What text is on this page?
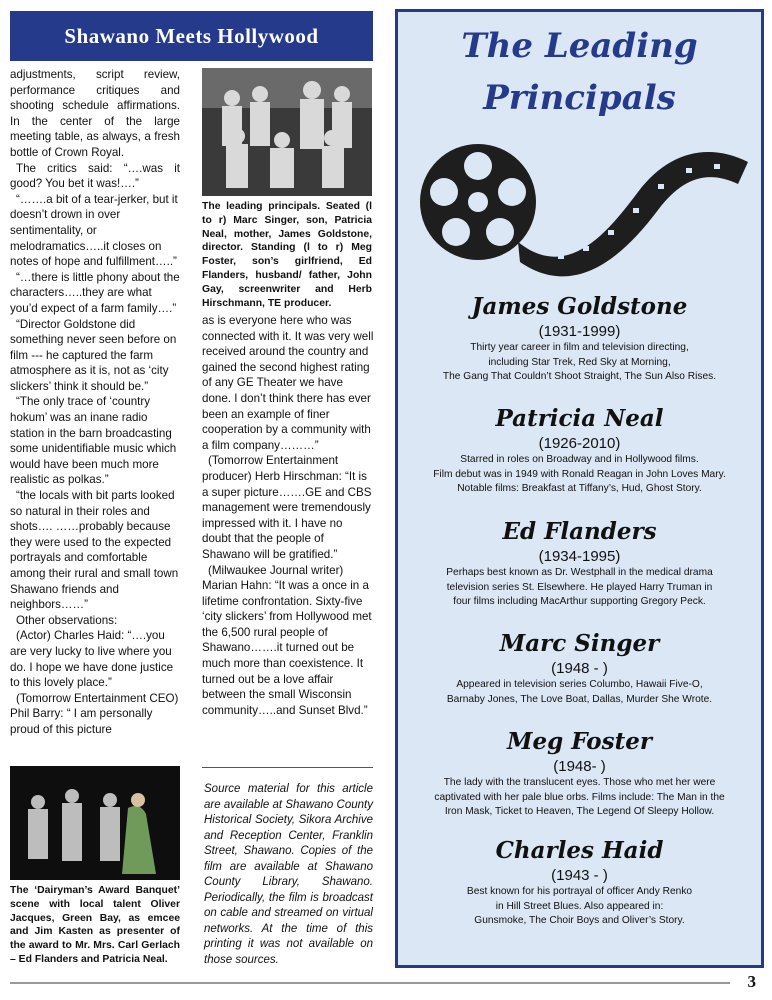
Shawano Meets Hollywood

adjustments, script review, performance critiques and shooting schedule affirmations. In the center of the large meeting table, as always, a fresh bottle of Crown Royal.

The critics said: “….was it good? You bet it was!….”

“…….a bit of a tear-jerker, but it doesn’t drown in over sentimentality, or melodramatics…..it closes on notes of hope and fulfillment…..”

“…there is little phony about the characters…..they are what you’d expect of a farm family….”

“Director Goldstone did something never seen before on film --- he captured the farm atmosphere as it is, not as ‘city slickers’ think it should be.”

“The only trace of ‘country hokum’ was an inane radio station in the barn broadcasting some unidentifiable music which would have been much more realistic as polkas.”

“the locals with bit parts looked so natural in their roles and shots…. ……probably because they were used to the expected portrayals and comfortable among their rural and small town Shawano friends and neighbors……”

Other observations:

(Actor) Charles Haid: “….you are very lucky to live where you do. I hope we have done justice to this lovely place.”

(Tomorrow Entertainment CEO) Phil Barry: “ I am personally proud of this picture

The leading principals. Seated (l to r) Marc Singer, son, Patricia Neal, mother, James Goldstone, director. Standing (l to r) Meg Foster, son’s girlfriend, Ed Flanders, husband/ father, John Gay, screenwriter and Herb Hirschmann, TE producer.

as is everyone here who was connected with it. It was very well received around the country and gained the second highest rating of any GE Theater we have done. I don’t think there has ever been an example of finer cooperation by a community with a film company………”

(Tomorrow Entertainment producer) Herb Hirschman: “It is a super picture…….GE and CBS management were tremendously impressed with it. I have no doubt that the people of Shawano will be gratified.”

(Milwaukee Journal writer) Marian Hahn: “It was a once in a lifetime confrontation. Sixty-five ‘city slickers’ from Hollywood met the 6,500 rural people of Shawano…….it turned out be much more than coexistence. It turned out be a love affair between the small Wisconsin community…..and Sunset Blvd.”

The ‘Dairyman’s Award Banquet’ scene with local talent Oliver Jacques, Green Bay, as emcee and Jim Kasten as presenter of the award to Mr. Mrs. Carl Gerlach – Ed Flanders and Patricia Neal.
Source material for this article are available at Shawano County Historical Society, Sikora Archive and Reception Center, Franklin Street, Shawano. Copies of the film are available at Shawano County Library, Shawano. Periodically, the film is broadcast on cable and streamed on virtual networks. At the time of this printing it was not available on those sources.
The Leading
Principals
James Goldstone
(1931-1999)
Thirty year career in film and television directing,
including Star Trek, Red Sky at Morning,
The Gang That Couldn’t Shoot Straight, The Sun Also Rises.
Patricia Neal
(1926-2010)
Starred in roles on Broadway and in Hollywood films.
Film debut was in 1949 with Ronald Reagan in John Loves Mary.
Notable films: Breakfast at Tiffany’s, Hud, Ghost Story.
Ed Flanders
(1934-1995)
Perhaps best known as Dr. Westphall in the medical drama
television series St. Elsewhere. He played Harry Truman in
four films including MacArthur supporting Gregory Peck.
Marc Singer
(1948 - )
Appeared in television series Columbo, Hawaii Five-O,
Barnaby Jones, The Love Boat, Dallas, Murder She Wrote.
Meg Foster
(1948- )
The lady with the translucent eyes. Those who met her were
captivated with her pale blue orbs. Films include: The Man in the
Iron Mask, Ticket to Heaven, The Legend Of Sleepy Hollow.
Charles Haid
(1943 - )
Best known for his portrayal of officer Andy Renko
in Hill Street Blues. Also appeared in:
Gunsmoke, The Choir Boys and Oliver’s Story.
3
